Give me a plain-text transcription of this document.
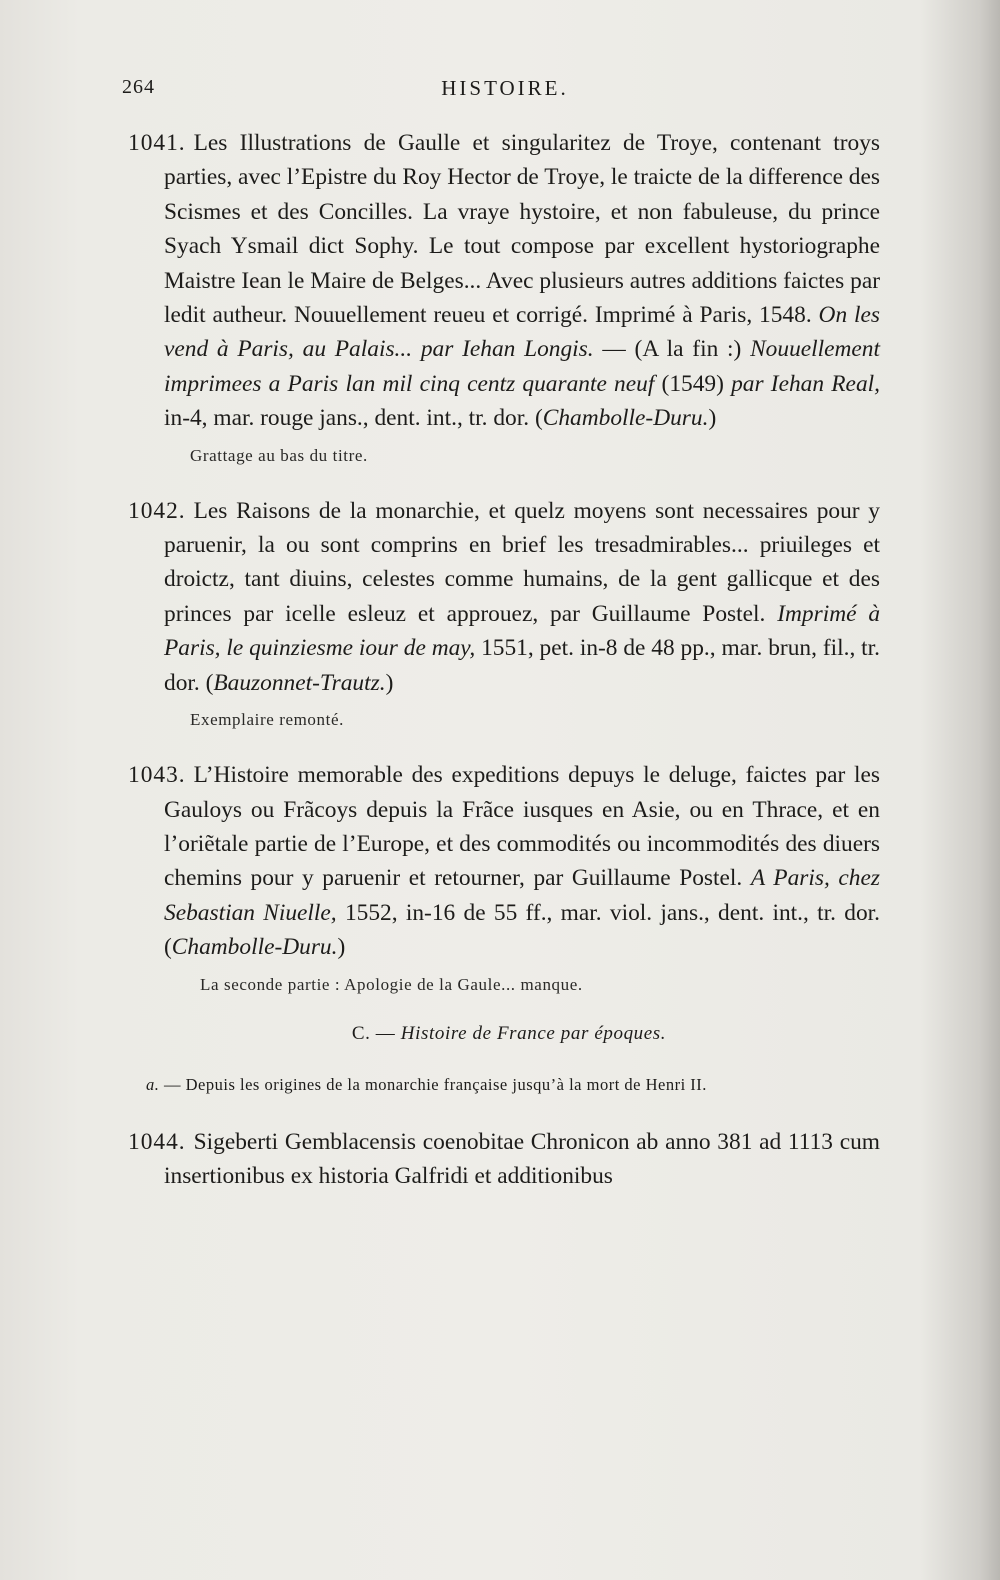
264	HISTOIRE.
1041. Les Illustrations de Gaulle et singularitez de Troye, contenant troys parties, avec l’Epistre du Roy Hector de Troye, le traicte de la difference des Scismes et des Concilles. La vraye hystoire, et non fabuleuse, du prince Syach Ysmail dict Sophy. Le tout compose par excellent hystoriographe Maistre Iean le Maire de Belges... Avec plusieurs autres additions faictes par ledit autheur. Nouuellement reueu et corrigé. Imprimé à Paris, 1548. On les vend à Paris, au Palais... par Iehan Longis. — (A la fin :) Nouuellement imprimees a Paris lan mil cinq centz quarante neuf (1549) par Iehan Real, in-4, mar. rouge jans., dent. int., tr. dor. (Chambolle-Duru.)
Grattage au bas du titre.
1042. Les Raisons de la monarchie, et quelz moyens sont necessaires pour y paruenir, la ou sont comprins en brief les tresadmirables... priuileges et droictz, tant diuins, celestes comme humains, de la gent gallicque et des princes par icelle esleuz et approuez, par Guillaume Postel. Imprimé à Paris, le quinziesme iour de may, 1551, pet. in-8 de 48 pp., mar. brun, fil., tr. dor. (Bauzonnet-Trautz.)
Exemplaire remonté.
1043. L’Histoire memorable des expeditions depuys le deluge, faictes par les Gauloys ou Frãcoys depuis la Frãce iusques en Asie, ou en Thrace, et en l’oriẽtale partie de l’Europe, et des commodités ou incommodités des diuers chemins pour y paruenir et retourner, par Guillaume Postel. A Paris, chez Sebastian Niuelle, 1552, in-16 de 55 ff., mar. viol. jans., dent. int., tr. dor. (Chambolle-Duru.)
La seconde partie : Apologie de la Gaule... manque.
C. — Histoire de France par époques.
a. — Depuis les origines de la monarchie française jusqu’à la mort de Henri II.
1044. Sigeberti Gemblacensis coenobitae Chronicon ab anno 381 ad 1113 cum insertionibus ex historia Galfridi et additionibus
